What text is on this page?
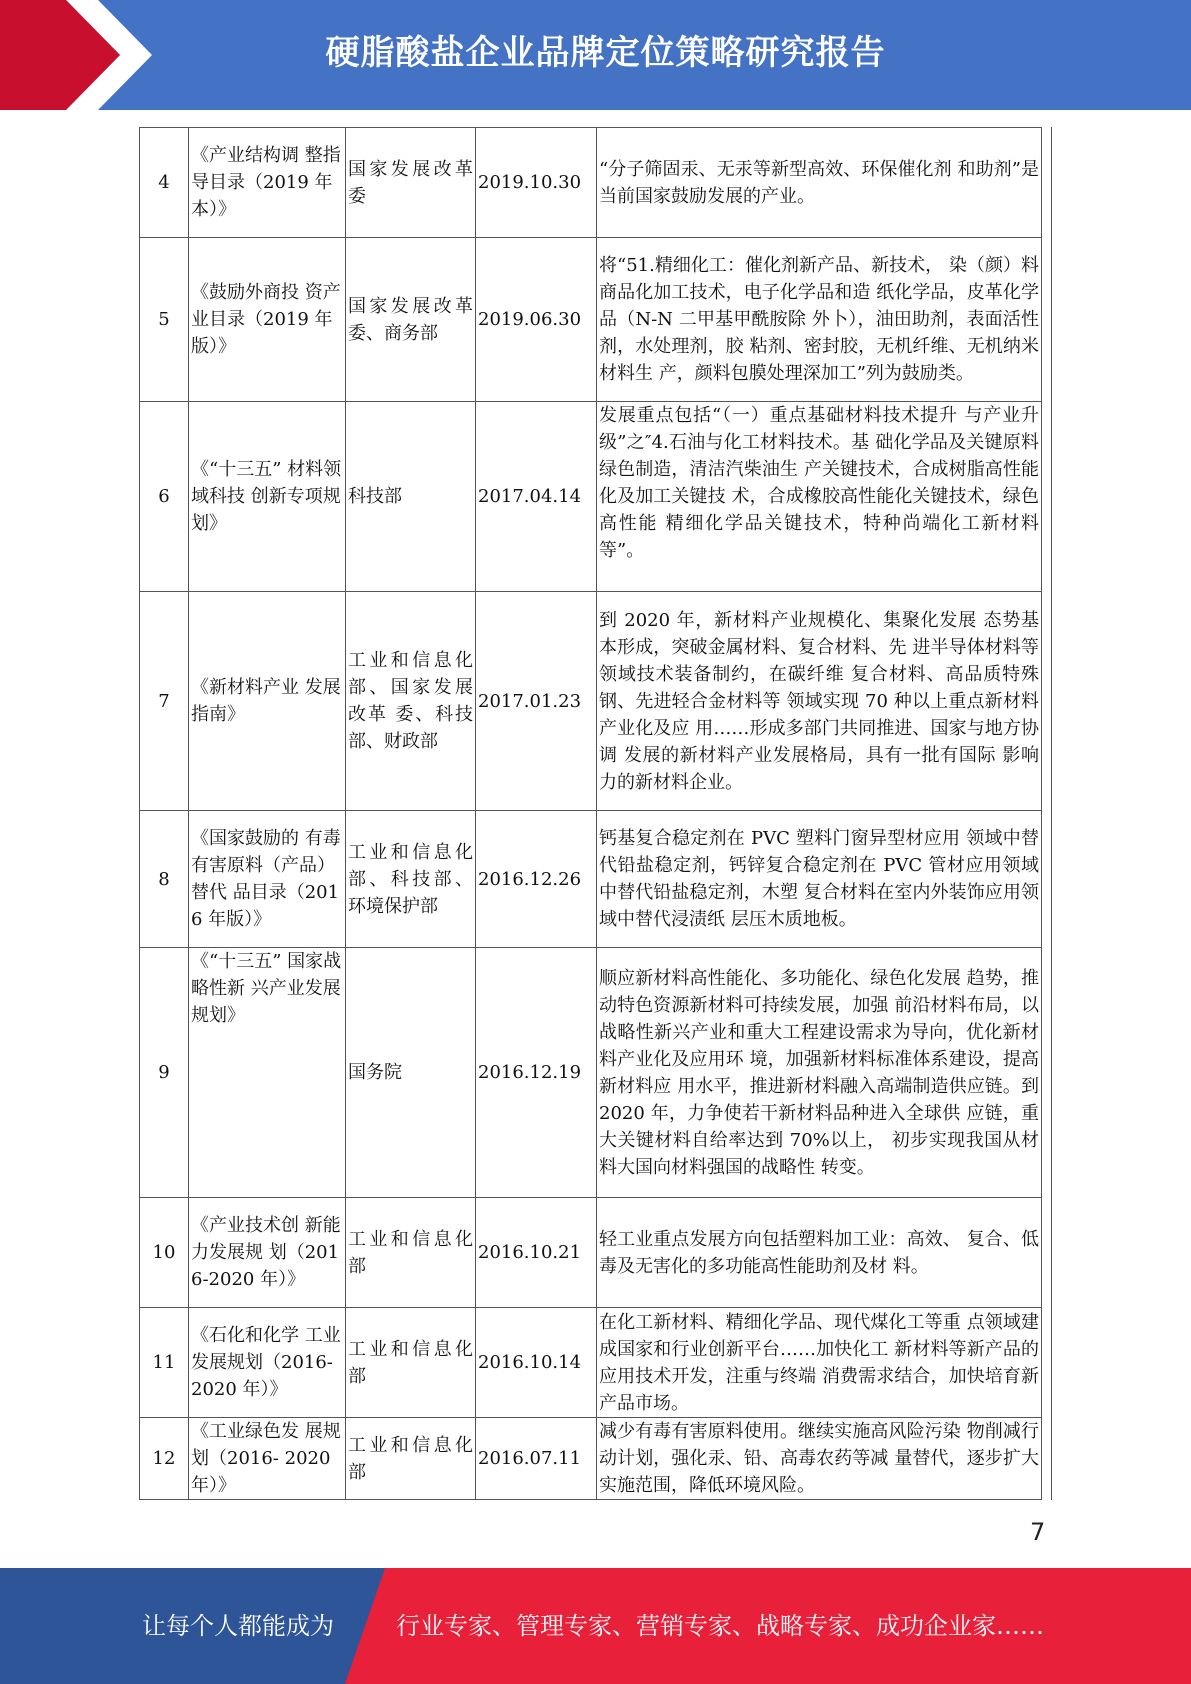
硬脂酸盐企业品牌定位策略研究报告
4	《产业结构调 整指导目录（2019 年本）》	国家发展改革委	2019.10.30	“分子筛固汞、无汞等新型高效、环保催化剂 和助剂”是当前国家鼓励发展的产业。
5	《鼓励外商投 资产业目录（2019 年版）》	国家发展改革委、商务部	2019.06.30	将“51.精细化工：催化剂新产品、新技术， 染（颜）料商品化加工技术，电子化学品和造 纸化学品，皮革化学品（N-N 二甲基甲酰胺除 外卜），油田助剂，表面活性剂，水处理剂，胶 粘剂、密封胶，无机纤维、无机纳米材料生 产，颜料包膜处理深加工”列为鼓励类。
6	《“十三五” 材料领域科技 创新专项规 划》	科技部	2017.04.14	发展重点包括“（一）重点基础材料技术提升 与产业升级”之″4.石油与化工材料技术。基 础化学品及关键原料绿色制造，清洁汽柴油生 产关键技术，合成树脂高性能化及加工关键技 术，合成橡胶高性能化关键技术，绿色高性能 精细化学品关键技术，特种尚端化工新材料 等”。
7	《新材料产业 发展指南》	工业和信息化部、国家发展改革 委、科技 部、财政部	2017.01.23	到 2020 年，新材料产业规模化、集聚化发展 态势基本形成，突破金属材料、复合材料、先 进半导体材料等领域技术装备制约，在碳纤维 复合材料、高品质特殊钢、先进轻合金材料等 领域实现 70 种以上重点新材料产业化及应 用……形成多部门共同推进、国家与地方协调 发展的新材料产业发展格局，具有一批有国际 影响力的新材料企业。
8	《国家鼓励的 有毒有害原料（产品）替代 品目录（2016 年版）》	工业和信息化部、科技部、环境保护部	2016.12.26	钙基复合稳定剂在 PVC 塑料门窗异型材应用 领域中替代铅盐稳定剂，钙锌复合稳定剂在 PVC 管材应用领域中替代铅盐稳定剂，木塑 复合材料在室内外装饰应用领域中替代浸渍纸 层压木质地板。
9	《“十三五” 国家战略性新 兴产业发展规划》	国务院	2016.12.19	顺应新材料高性能化、多功能化、绿色化发展 趋势，推动特色资源新材料可持续发展，加强 前沿材料布局，以战略性新兴产业和重大工程建设需求为导向，优化新材料产业化及应用环 境，加强新材料标准体系建设，提高新材料应 用水平，推进新材料融入高端制造供应链。到 2020 年，力争使若干新材料品种进入全球供 应链，重大关键材料自给率达到 70%以上， 初步实现我国从材料大国向材料强国的战略性 转变。
10	《产业技术创 新能力发展规 划（2016-2020 年）》	工业和信息化部	2016.10.21	轻工业重点发展方向包括塑料加工业：高效、 复合、低毒及无害化的多功能高性能助剂及材 料。
11	《石化和化学 工业发展规划（2016-2020 年）》	工业和信息化部	2016.10.14	在化工新材料、精细化学品、现代煤化工等重 点领域建成国家和行业创新平台……加快化工 新材料等新产品的应用技术开发，注重与终端 消费需求结合，加快培育新产品市场。
12	《工业绿色发 展规划（2016- 2020 年）》	工业和信息化部	2016.07.11	减少有毒有害原料使用。继续实施高风险污染 物削减行动计划，强化汞、铅、高毒农药等减 量替代，逐步扩大实施范围，降低环境风险。
7
让每个人都能成为	行业专家、管理专家、营销专家、战略专家、成功企业家……
